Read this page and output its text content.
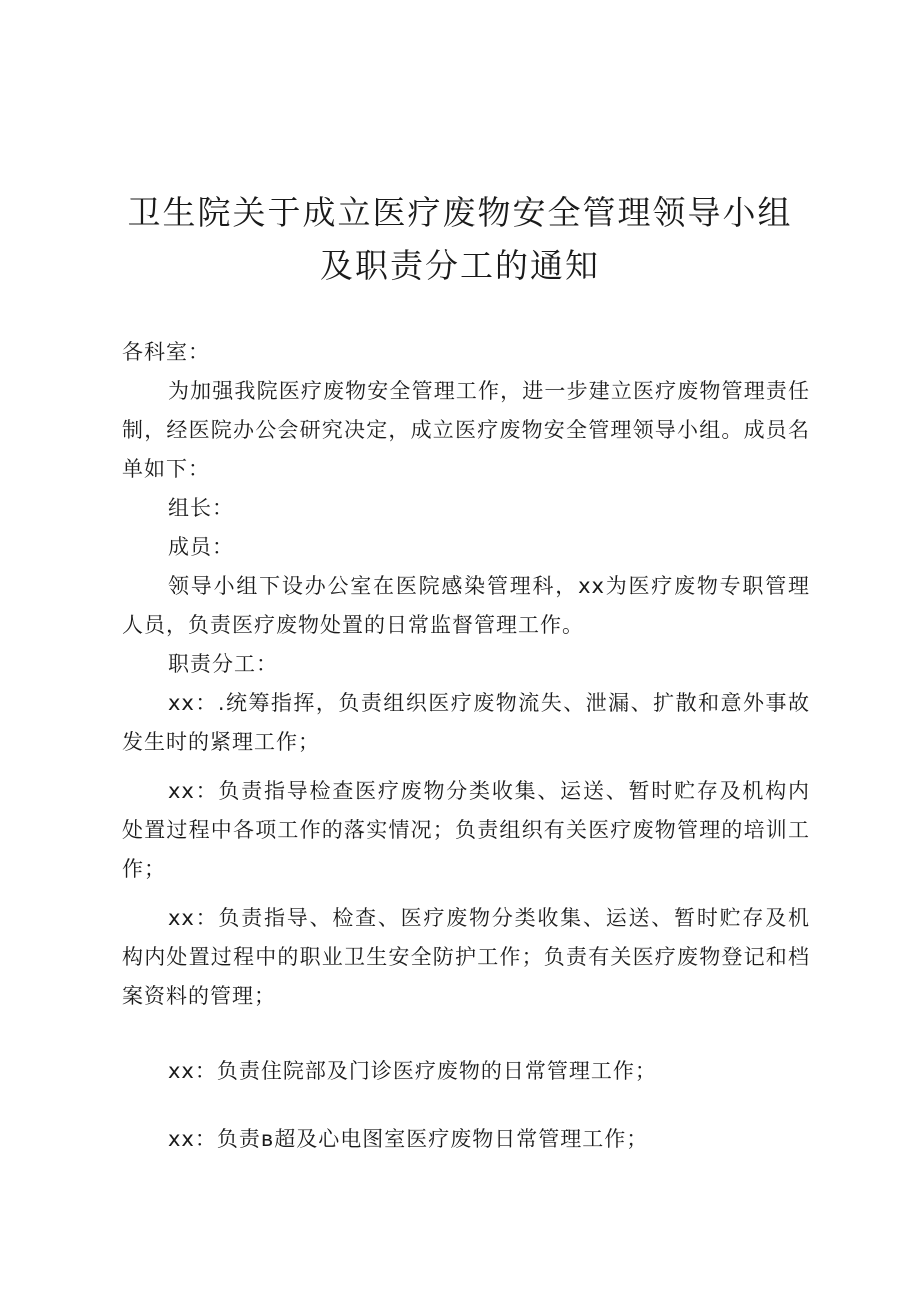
卫生院关于成立医疗废物安全管理领导小组
及职责分工的通知

各科室：

为加强我院医疗废物安全管理工作，进一步建立医疗废物管理责任制，经医院办公会研究决定，成立医疗废物安全管理领导小组。成员名单如下：

组长：

成员：

领导小组下设办公室在医院感染管理科，xx为医疗废物专职管理人员，负责医疗废物处置的日常监督管理工作。

职责分工：

xx：.统筹指挥，负责组织医疗废物流失、泄漏、扩散和意外事故发生时的紧理工作；

xx：负责指导检查医疗废物分类收集、运送、暂时贮存及机构内处置过程中各项工作的落实情况；负责组织有关医疗废物管理的培训工作；

xx：负责指导、检查、医疗废物分类收集、运送、暂时贮存及机构内处置过程中的职业卫生安全防护工作；负责有关医疗废物登记和档案资料的管理；

xx：负责住院部及门诊医疗废物的日常管理工作；

xx：负责в超及心电图室医疗废物日常管理工作；
